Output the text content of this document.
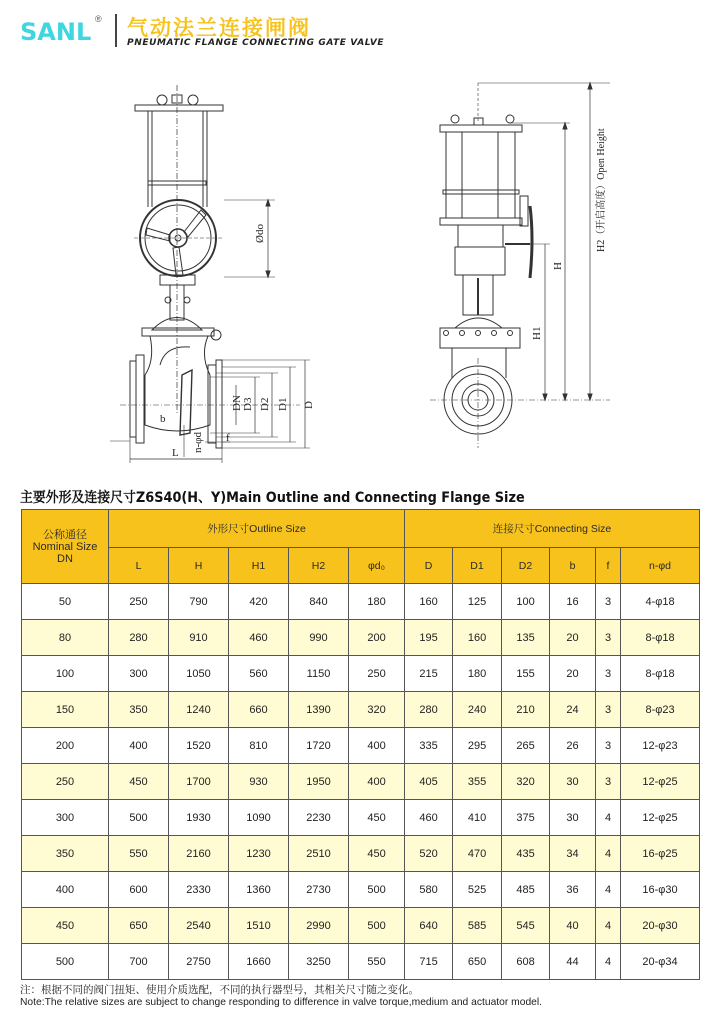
SANL ® 气动法兰连接闸阀
PNEUMATIC FLANGE CONNECTING GATE VALVE
Ødo
DN D3 D2 D1 D
L n-φd f
b
H1
H
H2（开启高度）Open Height
主要外形及连接尺寸Z6S40(H、Y)Main Outline and Connecting Flange Size
公称通径
Nominal Size
DN	外形尺寸Outline Size					连接尺寸Connecting Size					
	L	H	H1	H2	φd₀	D	D1	D2	b	f	n-φd
50	250	790	420	840	180	160	125	100	16	3	4-φ18
80	280	910	460	990	200	195	160	135	20	3	8-φ18
100	300	1050	560	1150	250	215	180	155	20	3	8-φ18
150	350	1240	660	1390	320	280	240	210	24	3	8-φ23
200	400	1520	810	1720	400	335	295	265	26	3	12-φ23
250	450	1700	930	1950	400	405	355	320	30	3	12-φ25
300	500	1930	1090	2230	450	460	410	375	30	4	12-φ25
350	550	2160	1230	2510	450	520	470	435	34	4	16-φ25
400	600	2330	1360	2730	500	580	525	485	36	4	16-φ30
450	650	2540	1510	2990	500	640	585	545	40	4	20-φ30
500	700	2750	1660	3250	550	715	650	608	44	4	20-φ34
注：根据不同的阀门扭矩、使用介质选配，不同的执行器型号，其相关尺寸随之变化。
Note:The relative sizes are subject to change responding to difference in valve torque,medium and actuator model.
